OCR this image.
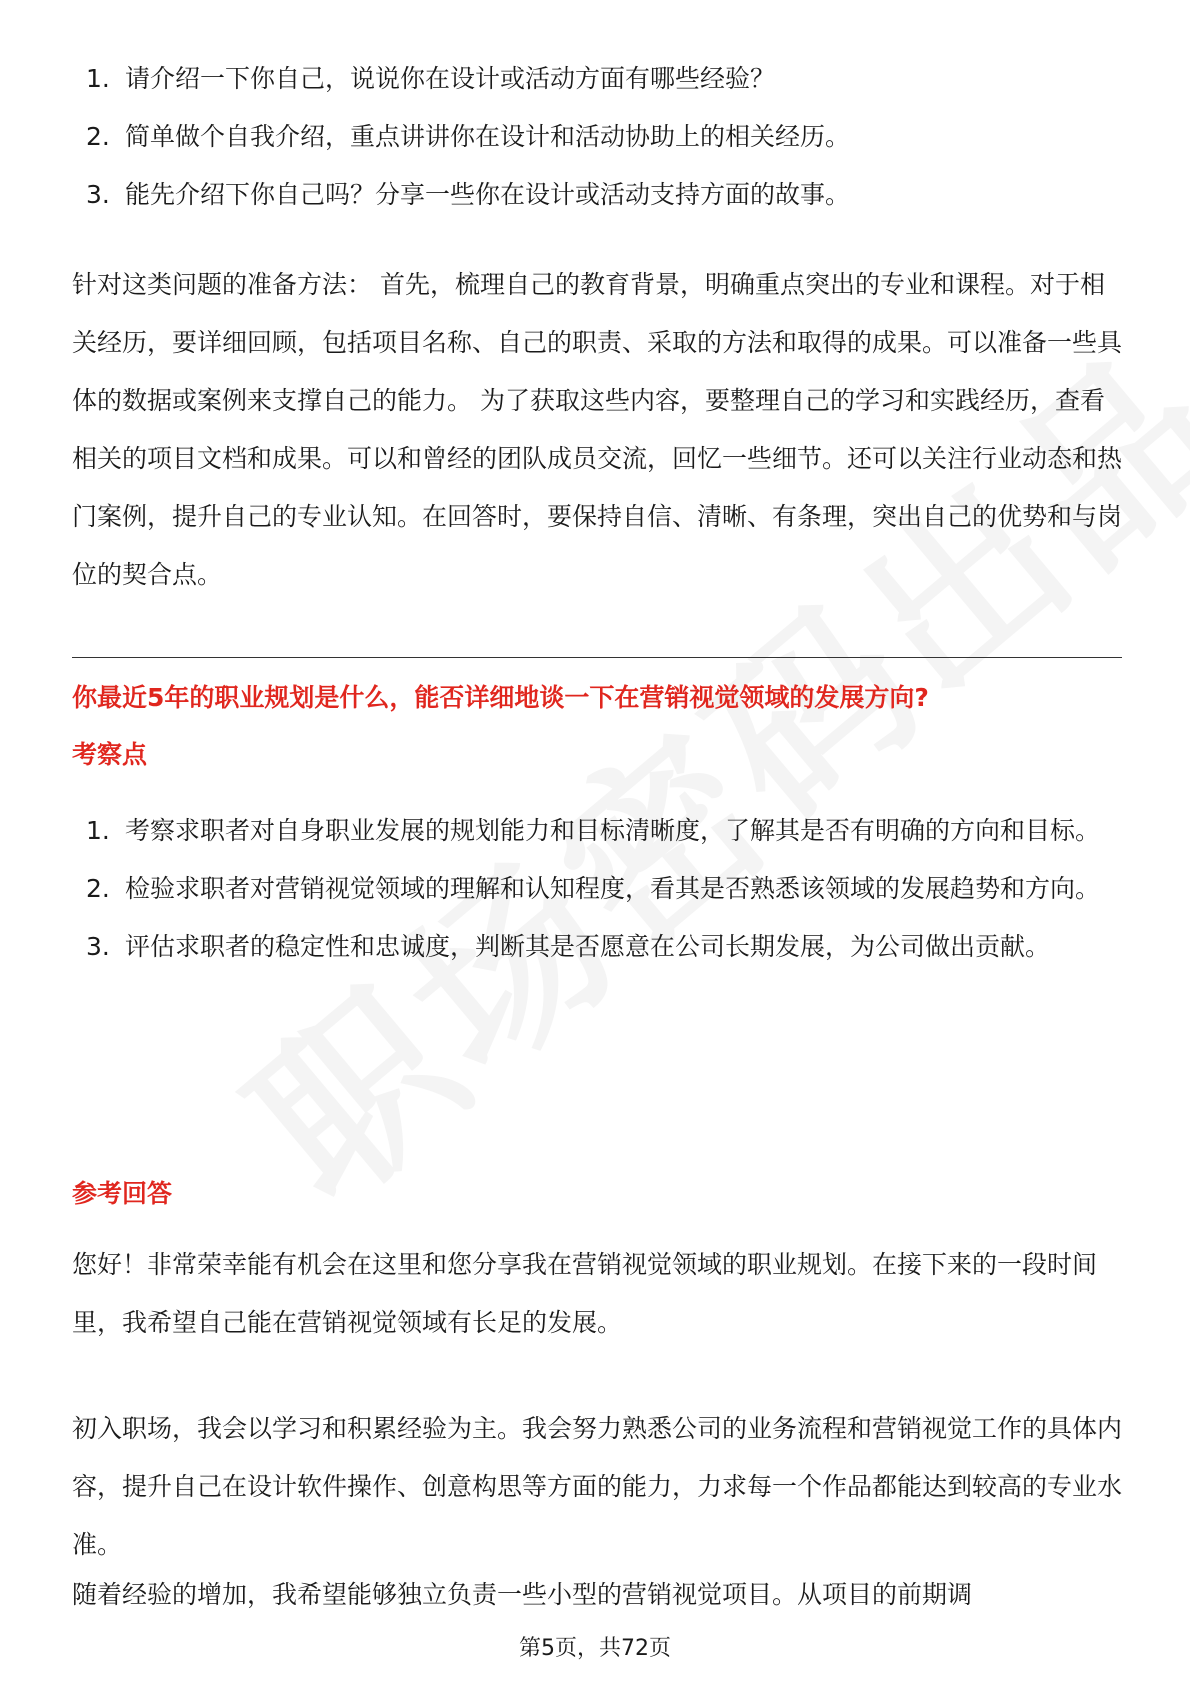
1. 请介绍一下你自己，说说你在设计或活动方面有哪些经验？
2. 简单做个自我介绍，重点讲讲你在设计和活动协助上的相关经历。
3. 能先介绍下你自己吗？分享一些你在设计或活动支持方面的故事。

针对这类问题的准备方法： 首先，梳理自己的教育背景，明确重点突出的专业和课程。对于相关经历，要详细回顾，包括项目名称、自己的职责、采取的方法和取得的成果。可以准备一些具体的数据或案例来支撑自己的能力。 为了获取这些内容，要整理自己的学习和实践经历，查看相关的项目文档和成果。可以和曾经的团队成员交流，回忆一些细节。还可以关注行业动态和热门案例，提升自己的专业认知。在回答时，要保持自信、清晰、有条理，突出自己的优势和与岗位的契合点。

你最近5年的职业规划是什么，能否详细地谈一下在营销视觉领域的发展方向?
考察点
1. 考察求职者对自身职业发展的规划能力和目标清晰度，了解其是否有明确的方向和目标。
2. 检验求职者对营销视觉领域的理解和认知程度，看其是否熟悉该领域的发展趋势和方向。
3. 评估求职者的稳定性和忠诚度，判断其是否愿意在公司长期发展，为公司做出贡献。
参考回答

您好！非常荣幸能有机会在这里和您分享我在营销视觉领域的职业规划。在接下来的一段时间里，我希望自己能在营销视觉领域有长足的发展。

初入职场，我会以学习和积累经验为主。我会努力熟悉公司的业务流程和营销视觉工作的具体内容，提升自己在设计软件操作、创意构思等方面的能力，力求每一个作品都能达到较高的专业水准。

随着经验的增加，我希望能够独立负责一些小型的营销视觉项目。从项目的前期调

第5页，共72页
